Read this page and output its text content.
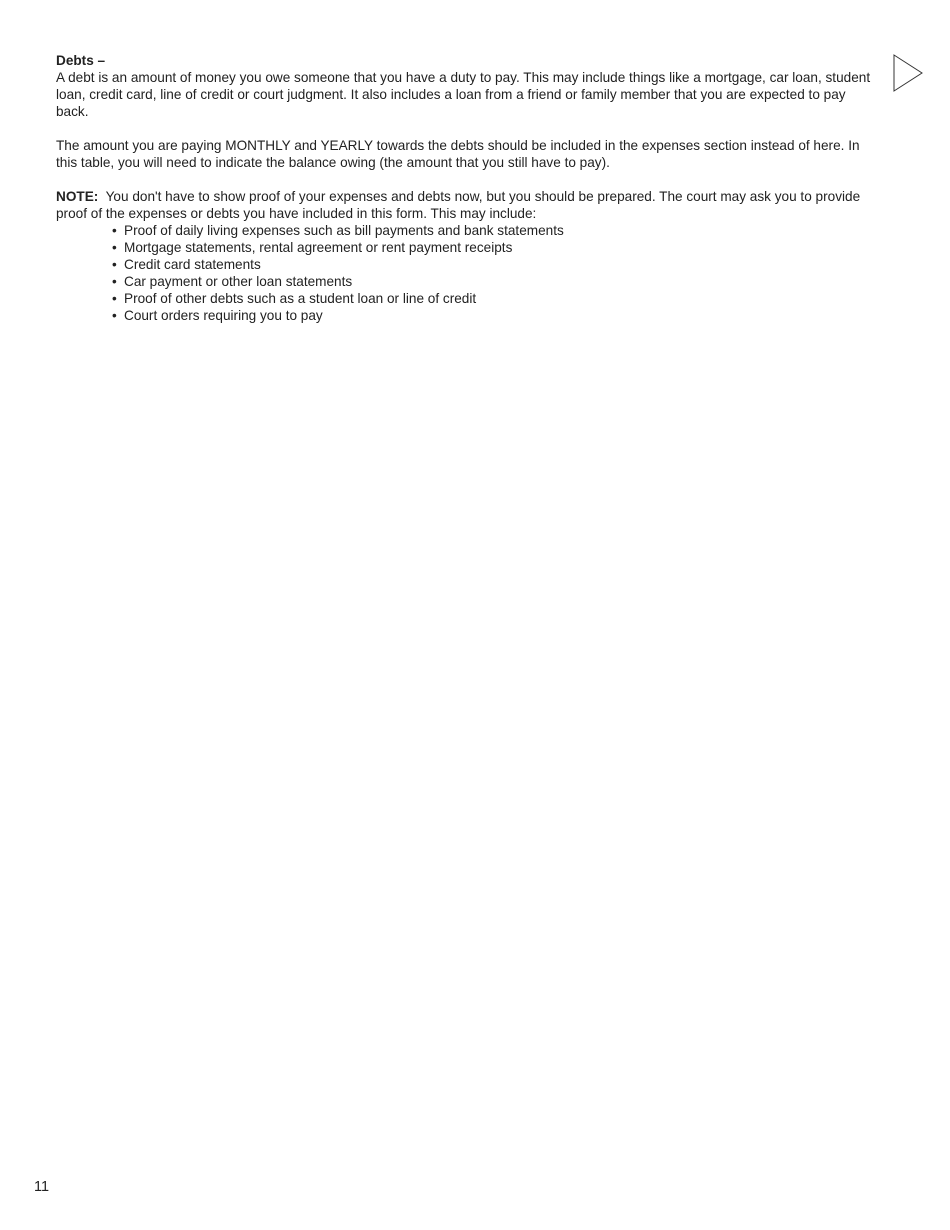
Debts –

A debt is an amount of money you owe someone that you have a duty to pay. This may include things like a mortgage, car loan, student loan, credit card, line of credit or court judgment. It also includes a loan from a friend or family member that you are expected to pay back.

The amount you are paying MONTHLY and YEARLY towards the debts should be included in the expenses section instead of here. In this table, you will need to indicate the balance owing (the amount that you still have to pay).

NOTE: You don't have to show proof of your expenses and debts now, but you should be prepared. The court may ask you to provide proof of the expenses or debts you have included in this form. This may include:

• Proof of daily living expenses such as bill payments and bank statements
• Mortgage statements, rental agreement or rent payment receipts
• Credit card statements
• Car payment or other loan statements
• Proof of other debts such as a student loan or line of credit
• Court orders requiring you to pay
11
